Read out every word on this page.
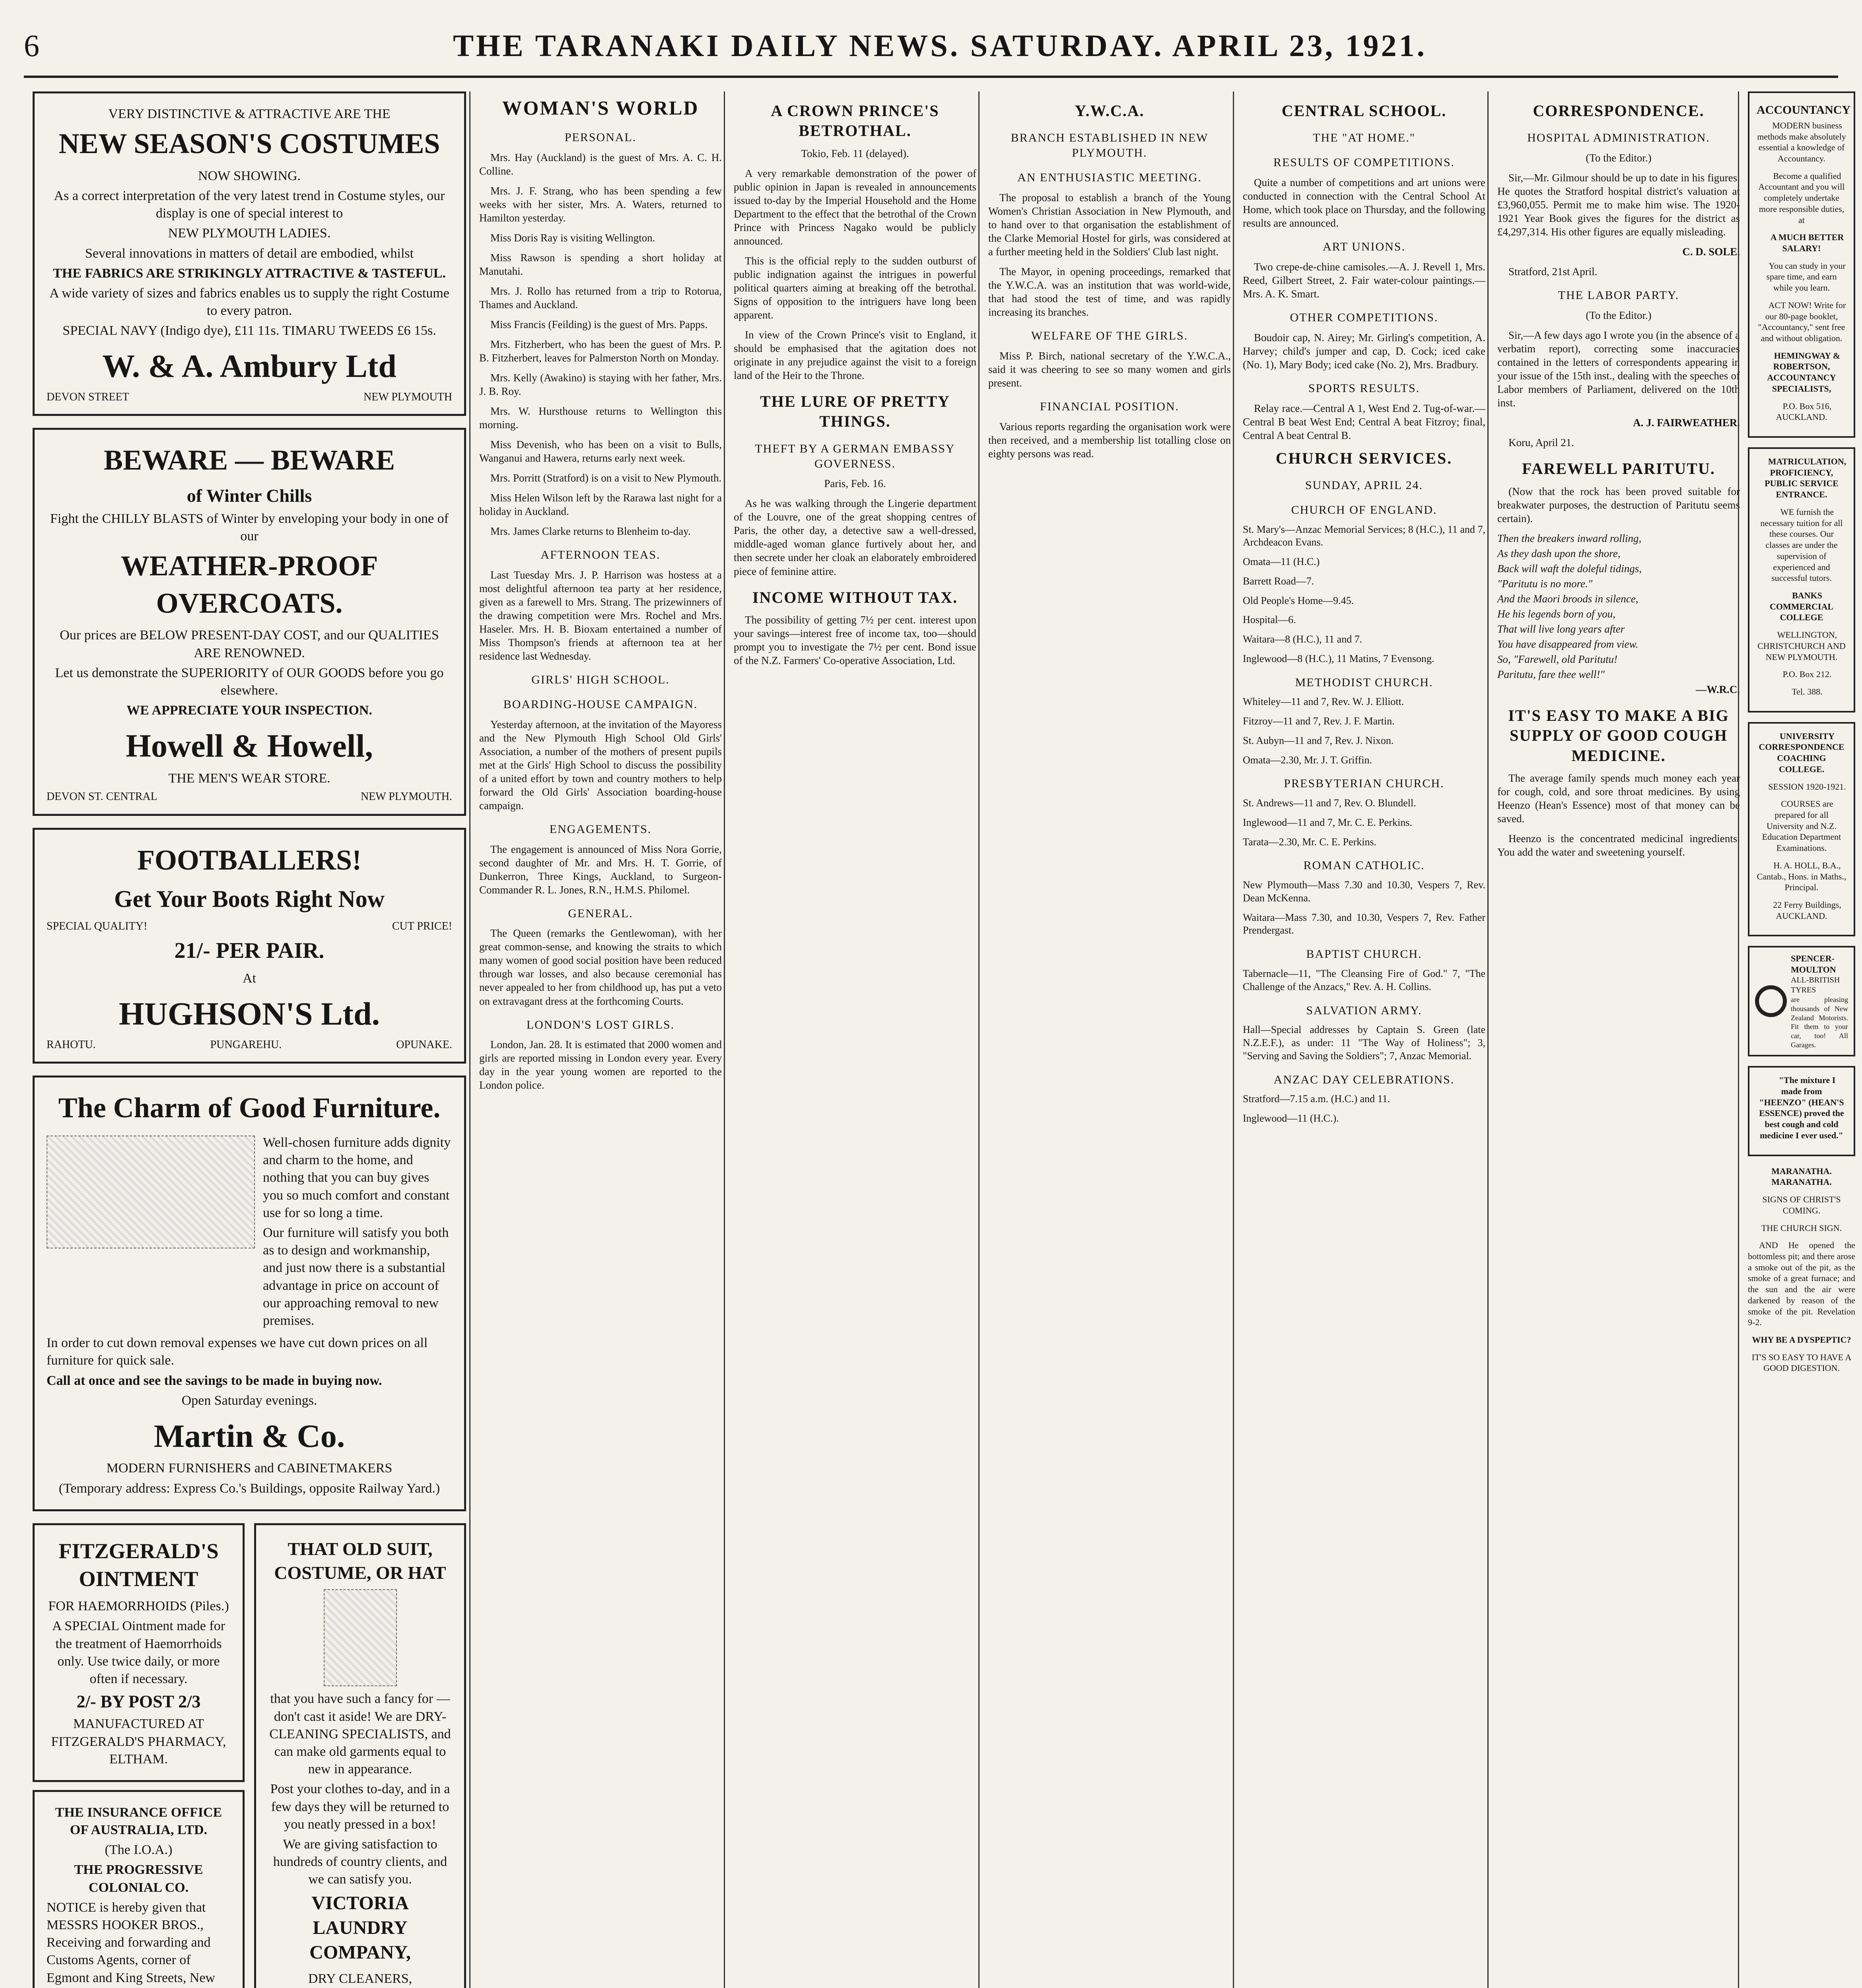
6	THE TARANAKI DAILY NEWS. SATURDAY. APRIL 23, 1921.

VERY DISTINCTIVE & ATTRACTIVE ARE THE

NEW SEASON'S COSTUMES

NOW SHOWING.

As a correct interpretation of the very latest trend in Costume styles, our display is one of special interest to

NEW PLYMOUTH LADIES.

Several innovations in matters of detail are embodied, whilst

THE FABRICS ARE STRIKINGLY ATTRACTIVE & TASTEFUL.

A wide variety of sizes and fabrics enables us to supply the right Costume to every patron.

SPECIAL NAVY (Indigo dye), £11 11s. TIMARU TWEEDS £6 15s.

W. & A. Ambury Ltd
DEVON STREET	NEW PLYMOUTH
BEWARE — BEWARE

of Winter Chills

Fight the CHILLY BLASTS of Winter by enveloping your body in one of our

WEATHER-PROOF OVERCOATS.

Our prices are BELOW PRESENT-DAY COST, and our QUALITIES ARE RENOWNED.

Let us demonstrate the SUPERIORITY of OUR GOODS before you go elsewhere.

WE APPRECIATE YOUR INSPECTION.

Howell & Howell,

THE MEN'S WEAR STORE.

DEVON ST. CENTRAL	NEW PLYMOUTH.
FOOTBALLERS!
Get Your Boots Right Now
SPECIAL QUALITY!	CUT PRICE!
21/- PER PAIR.

At

HUGHSON'S Ltd.
RAHOTU.	PUNGAREHU.	OPUNAKE.
The Charm of Good Furniture.

Well-chosen furniture adds dignity and charm to the home, and nothing that you can buy gives you so much comfort and constant use for so long a time.

Our furniture will satisfy you both as to design and workmanship, and just now there is a substantial advantage in price on account of our approaching removal to new premises.

In order to cut down removal expenses we have cut down prices on all furniture for quick sale.

Call at once and see the savings to be made in buying now.

Open Saturday evenings.

Martin & Co.

MODERN FURNISHERS and CABINETMAKERS

(Temporary address: Express Co.'s Buildings, opposite Railway Yard.)

FITZGERALD'S OINTMENT

FOR HAEMORRHOIDS (Piles.)

A SPECIAL Ointment made for the treatment of Haemorrhoids only. Use twice daily, or more often if necessary.

2/- BY POST 2/3

MANUFACTURED AT FITZGERALD'S PHARMACY, ELTHAM.

THE INSURANCE OFFICE OF AUSTRALIA, LTD.

(The I.O.A.)

THE PROGRESSIVE COLONIAL CO.

NOTICE is hereby given that MESSRS HOOKER BROS., Receiving and forwarding and Customs Agents, corner of Egmont and King Streets, New

THAT OLD SUIT, COSTUME, OR HAT

that you have such a fancy for — don't cast it aside! We are DRY-CLEANING SPECIALISTS, and can make old garments equal to new in appearance.

Post your clothes to-day, and in a few days they will be returned to you neatly pressed in a box!

We are giving satisfaction to hundreds of country clients, and we can satisfy you.

VICTORIA LAUNDRY COMPANY,

DRY CLEANERS,

WOMAN'S WORLD
PERSONAL.

Mrs. Hay (Auckland) is the guest of Mrs. A. C. H. Colline.

Mrs. J. F. Strang, who has been spending a few weeks with her sister, Mrs. A. Waters, returned to Hamilton yesterday.

Miss Doris Ray is visiting Wellington.

Miss Rawson is spending a short holiday at Manutahi.

Mrs. J. Rollo has returned from a trip to Rotorua, Thames and Auckland.

Miss Francis (Feilding) is the guest of Mrs. Papps.

Mrs. Fitzherbert, who has been the guest of Mrs. P. B. Fitzherbert, leaves for Palmerston North on Monday.

Mrs. Kelly (Awakino) is staying with her father, Mrs. J. B. Roy.

Mrs. W. Hursthouse returns to Wellington this morning.

Miss Devenish, who has been on a visit to Bulls, Wanganui and Hawera, returns early next week.

Mrs. Porritt (Stratford) is on a visit to New Plymouth.

Miss Helen Wilson left by the Rarawa last night for a holiday in Auckland.

Mrs. James Clarke returns to Blenheim to-day.

AFTERNOON TEAS.

Last Tuesday Mrs. J. P. Harrison was hostess at a most delightful afternoon tea party at her residence, given as a farewell to Mrs. Strang. The prizewinners of the drawing competition were Mrs. Rochel and Mrs. Haseler. Mrs. H. B. Bioxam entertained a number of Miss Thompson's friends at afternoon tea at her residence last Wednesday.

GIRLS' HIGH SCHOOL.
BOARDING-HOUSE CAMPAIGN.

Yesterday afternoon, at the invitation of the Mayoress and the New Plymouth High School Old Girls' Association, a number of the mothers of present pupils met at the Girls' High School to discuss the possibility of a united effort by town and country mothers to help forward the Old Girls' Association boarding-house campaign.

ENGAGEMENTS.

The engagement is announced of Miss Nora Gorrie, second daughter of Mr. and Mrs. H. T. Gorrie, of Dunkerron, Three Kings, Auckland, to Surgeon-Commander R. L. Jones, R.N., H.M.S. Philomel.

GENERAL.

The Queen (remarks the Gentlewoman), with her great common-sense, and knowing the straits to which many women of good social position have been reduced through war losses, and also because ceremonial has never appealed to her from childhood up, has put a veto on extravagant dress at the forthcoming Courts.

LONDON'S LOST GIRLS.

London, Jan. 28. It is estimated that 2000 women and girls are reported missing in London every year. Every day in the year young women are reported to the London police.

A CROWN PRINCE'S BETROTHAL.

Tokio, Feb. 11 (delayed).

A very remarkable demonstration of the power of public opinion in Japan is revealed in announcements issued to-day by the Imperial Household and the Home Department to the effect that the betrothal of the Crown Prince with Princess Nagako would be publicly announced.

This is the official reply to the sudden outburst of public indignation against the intrigues in powerful political quarters aiming at breaking off the betrothal. Signs of opposition to the intriguers have long been apparent.

In view of the Crown Prince's visit to England, it should be emphasised that the agitation does not originate in any prejudice against the visit to a foreign land of the Heir to the Throne.

THE LURE OF PRETTY THINGS.
THEFT BY A GERMAN EMBASSY GOVERNESS.

Paris, Feb. 16.

As he was walking through the Lingerie department of the Louvre, one of the great shopping centres of Paris, the other day, a detective saw a well-dressed, middle-aged woman glance furtively about her, and then secrete under her cloak an elaborately embroidered piece of feminine attire.

INCOME WITHOUT TAX.

The possibility of getting 7½ per cent. interest upon your savings—interest free of income tax, too—should prompt you to investigate the 7½ per cent. Bond issue of the N.Z. Farmers' Co-operative Association, Ltd.

Y.W.C.A.
BRANCH ESTABLISHED IN NEW PLYMOUTH.
AN ENTHUSIASTIC MEETING.

The proposal to establish a branch of the Young Women's Christian Association in New Plymouth, and to hand over to that organisation the establishment of the Clarke Memorial Hostel for girls, was considered at a further meeting held in the Soldiers' Club last night.

The Mayor, in opening proceedings, remarked that the Y.W.C.A. was an institution that was world-wide, that had stood the test of time, and was rapidly increasing its branches.

WELFARE OF THE GIRLS.

Miss P. Birch, national secretary of the Y.W.C.A., said it was cheering to see so many women and girls present.

FINANCIAL POSITION.

Various reports regarding the organisation work were then received, and a membership list totalling close on eighty persons was read.

CENTRAL SCHOOL.
THE "AT HOME."
RESULTS OF COMPETITIONS.

Quite a number of competitions and art unions were conducted in connection with the Central School At Home, which took place on Thursday, and the following results are announced.

ART UNIONS.

Two crepe-de-chine camisoles.—A. J. Revell 1, Mrs. Reed, Gilbert Street, 2. Fair water-colour paintings.—Mrs. A. K. Smart.

OTHER COMPETITIONS.

Boudoir cap, N. Airey; Mr. Girling's competition, A. Harvey; child's jumper and cap, D. Cock; iced cake (No. 1), Mary Body; iced cake (No. 2), Mrs. Bradbury.

SPORTS RESULTS.

Relay race.—Central A 1, West End 2. Tug-of-war.—Central B beat West End; Central A beat Fitzroy; final, Central A beat Central B.

CHURCH SERVICES.
SUNDAY, APRIL 24.
CHURCH OF ENGLAND.

St. Mary's—Anzac Memorial Services; 8 (H.C.), 11 and 7, Archdeacon Evans.

Omata—11 (H.C.)

Barrett Road—7.

Old People's Home—9.45.

Hospital—6.

Waitara—8 (H.C.), 11 and 7.

Inglewood—8 (H.C.), 11 Matins, 7 Evensong.

METHODIST CHURCH.

Whiteley—11 and 7, Rev. W. J. Elliott.

Fitzroy—11 and 7, Rev. J. F. Martin.

St. Aubyn—11 and 7, Rev. J. Nixon.

Omata—2.30, Mr. J. T. Griffin.

PRESBYTERIAN CHURCH.

St. Andrews—11 and 7, Rev. O. Blundell.

Inglewood—11 and 7, Mr. C. E. Perkins.

Tarata—2.30, Mr. C. E. Perkins.

ROMAN CATHOLIC.

New Plymouth—Mass 7.30 and 10.30, Vespers 7, Rev. Dean McKenna.

Waitara—Mass 7.30, and 10.30, Vespers 7, Rev. Father Prendergast.

BAPTIST CHURCH.

Tabernacle—11, "The Cleansing Fire of God." 7, "The Challenge of the Anzacs," Rev. A. H. Collins.

SALVATION ARMY.

Hall—Special addresses by Captain S. Green (late N.Z.E.F.), as under: 11 "The Way of Holiness"; 3, "Serving and Saving the Soldiers"; 7, Anzac Memorial.

ANZAC DAY CELEBRATIONS.

Stratford—7.15 a.m. (H.C.) and 11.

Inglewood—11 (H.C.).

CORRESPONDENCE.
HOSPITAL ADMINISTRATION.

(To the Editor.)

Sir,—Mr. Gilmour should be up to date in his figures. He quotes the Stratford hospital district's valuation at £3,960,055. Permit me to make him wise. The 1920-1921 Year Book gives the figures for the district as £4,297,314. His other figures are equally misleading.

C. D. SOLE.

Stratford, 21st April.

THE LABOR PARTY.

(To the Editor.)

Sir,—A few days ago I wrote you (in the absence of a verbatim report), correcting some inaccuracies contained in the letters of correspondents appearing in your issue of the 15th inst., dealing with the speeches of Labor members of Parliament, delivered on the 10th inst.

A. J. FAIRWEATHER.

Koru, April 21.

FAREWELL PARITUTU.

(Now that the rock has been proved suitable for breakwater purposes, the destruction of Paritutu seems certain).

Then the breakers inward rolling,

As they dash upon the shore,

Back will waft the doleful tidings,

"Paritutu is no more."

And the Maori broods in silence,

He his legends born of you,

That will live long years after

You have disappeared from view.

So, "Farewell, old Paritutu!

Paritutu, fare thee well!"

—W.R.C.

IT'S EASY TO MAKE A BIG SUPPLY OF GOOD COUGH MEDICINE.

The average family spends much money each year for cough, cold, and sore throat medicines. By using Heenzo (Hean's Essence) most of that money can be saved.

Heenzo is the concentrated medicinal ingredients. You add the water and sweetening yourself.

ACCOUNTANCY

MODERN business methods make absolutely essential a knowledge of Accountancy.

Become a qualified Accountant and you will completely undertake more responsible duties, at

A MUCH BETTER SALARY!

You can study in your spare time, and earn while you learn.

ACT NOW! Write for our 80-page booklet, "Accountancy," sent free and without obligation.

HEMINGWAY & ROBERTSON, ACCOUNTANCY SPECIALISTS,

P.O. Box 516, AUCKLAND.

MATRICULATION, PROFICIENCY, PUBLIC SERVICE ENTRANCE.

WE furnish the necessary tuition for all these courses. Our classes are under the supervision of experienced and successful tutors.

BANKS COMMERCIAL COLLEGE

WELLINGTON, CHRISTCHURCH AND NEW PLYMOUTH.

P.O. Box 212.

Tel. 388.

UNIVERSITY CORRESPONDENCE COACHING COLLEGE.

SESSION 1920-1921.

COURSES are prepared for all University and N.Z. Education Department Examinations.

H. A. HOLL, B.A., Cantab., Hons. in Maths., Principal.

22 Ferry Buildings, AUCKLAND.

SPENCER-MOULTON
ALL-BRITISH TYRES
are pleasing thousands of New Zealand Motorists. Fit them to your car, too! All Garages.

"The mixture I made from "HEENZO" (HEAN'S ESSENCE) proved the best cough and cold medicine I ever used."

MARANATHA. MARANATHA.

SIGNS OF CHRIST'S COMING.

THE CHURCH SIGN.

AND He opened the bottomless pit; and there arose a smoke out of the pit, as the smoke of a great furnace; and the sun and the air were darkened by reason of the smoke of the pit. Revelation 9-2.

WHY BE A DYSPEPTIC?

IT'S SO EASY TO HAVE A GOOD DIGESTION.
